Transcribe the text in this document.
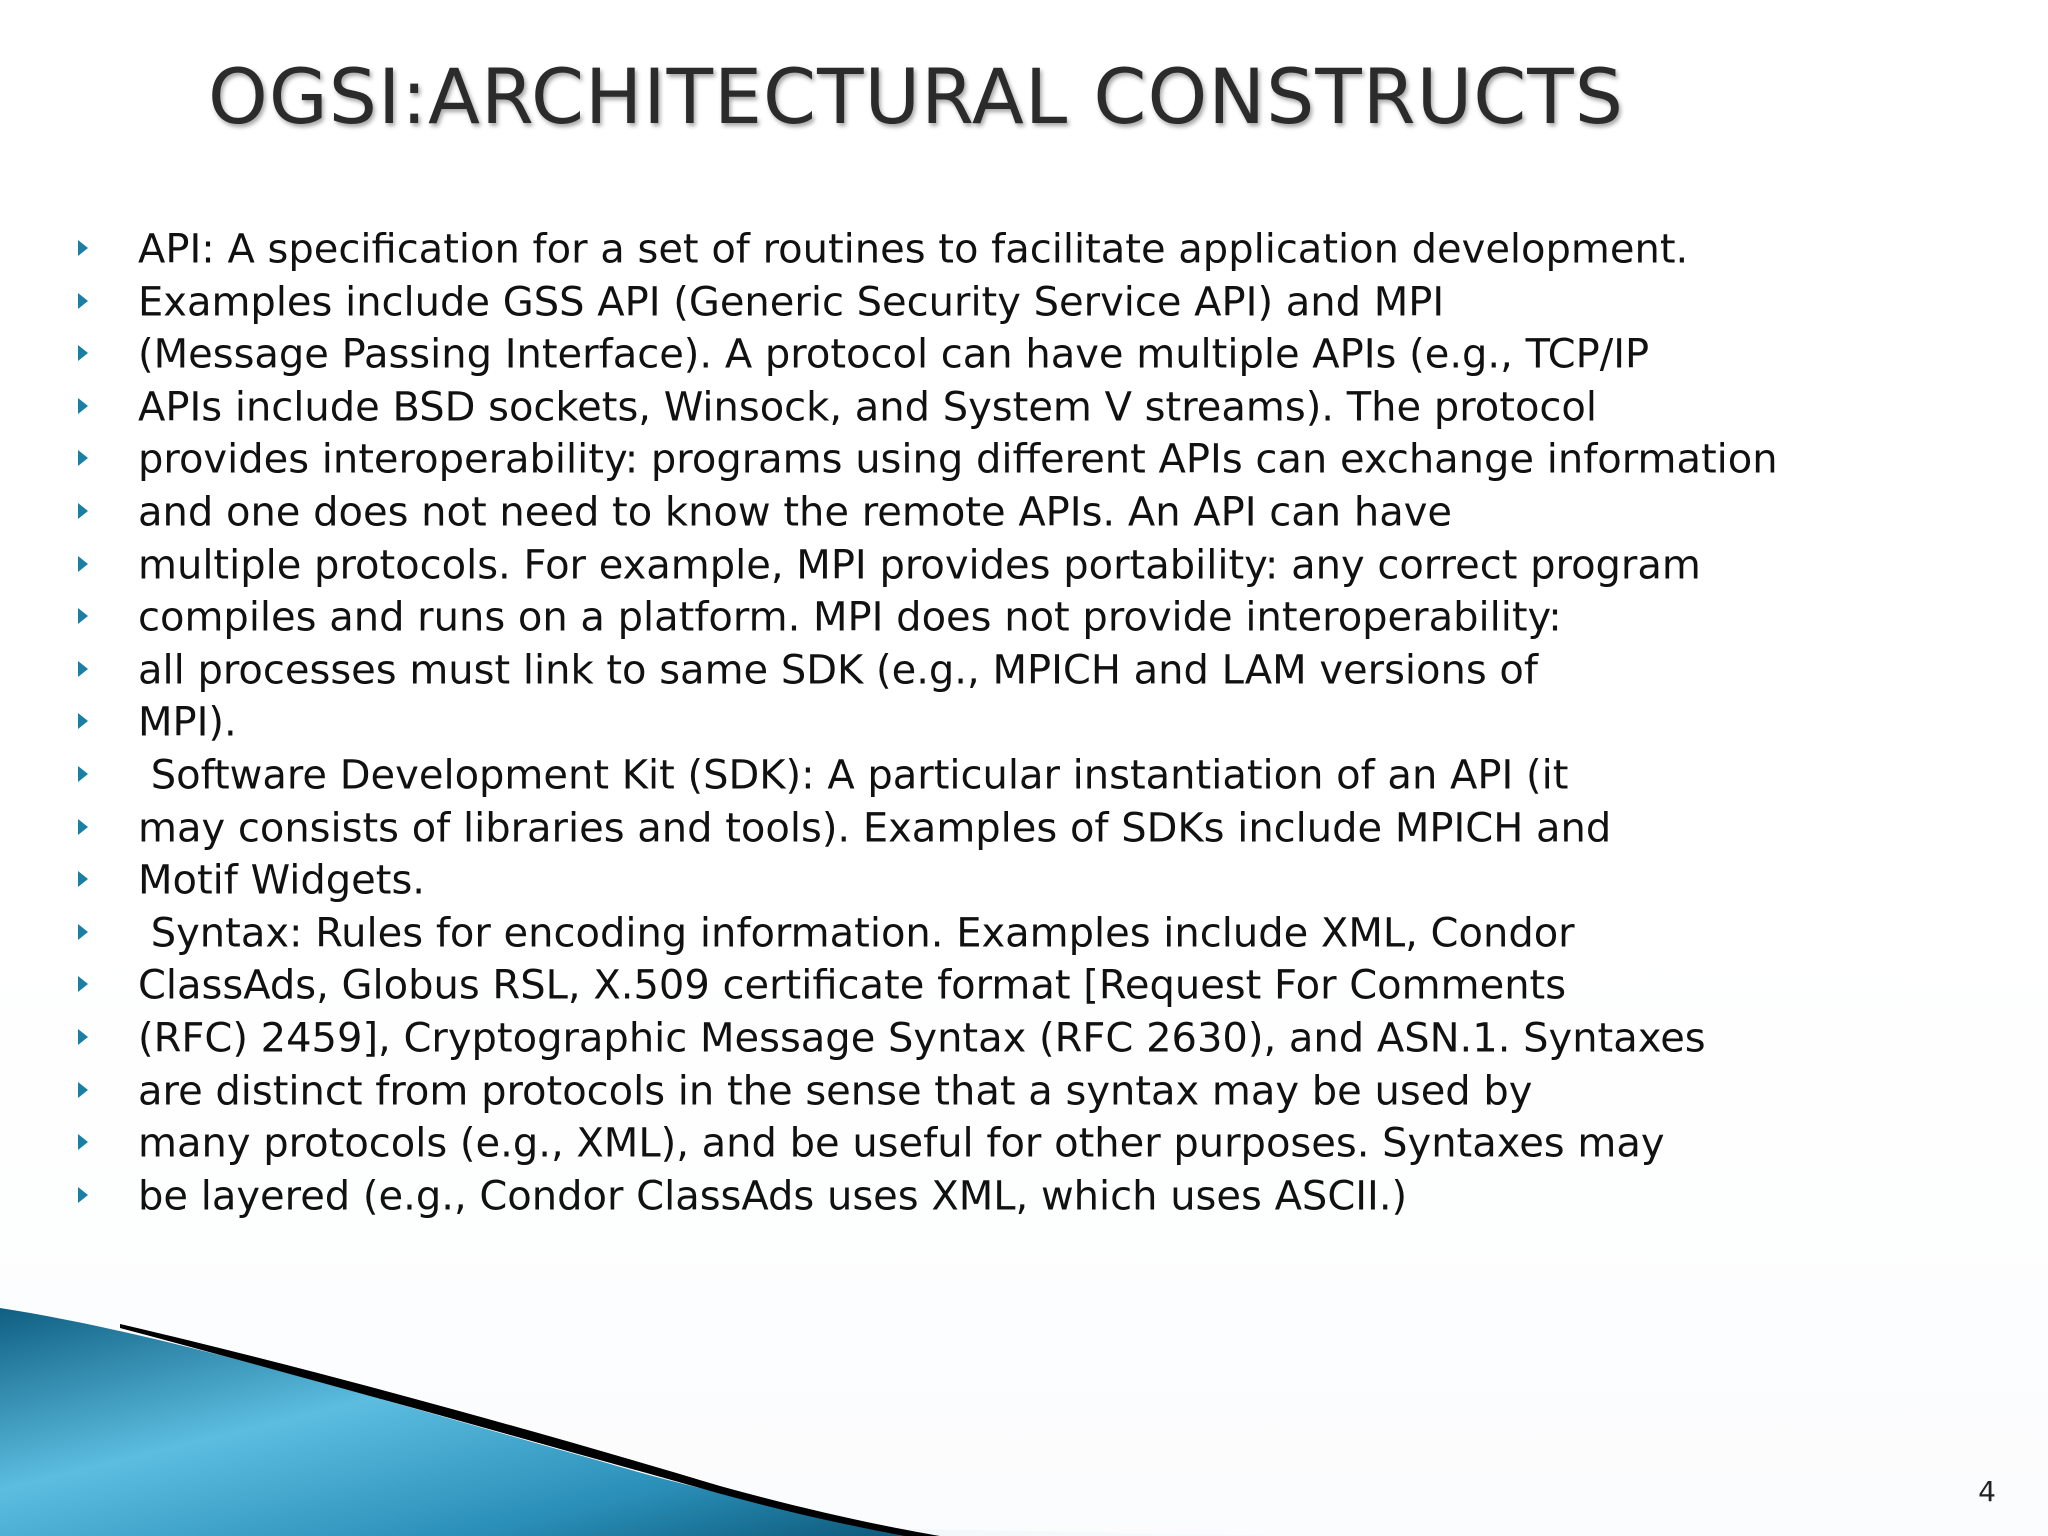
OGSI:ARCHITECTURAL CONSTRUCTS
API: A specification for a set of routines to facilitate application development.
Examples include GSS API (Generic Security Service API) and MPI
(Message Passing Interface). A protocol can have multiple APIs (e.g., TCP/IP
APIs include BSD sockets, Winsock, and System V streams). The protocol
provides interoperability: programs using different APIs can exchange information
and one does not need to know the remote APIs. An API can have
multiple protocols. For example, MPI provides portability: any correct program
compiles and runs on a platform. MPI does not provide interoperability:
all processes must link to same SDK (e.g., MPICH and LAM versions of
MPI).
Software Development Kit (SDK): A particular instantiation of an API (it
may consists of libraries and tools). Examples of SDKs include MPICH and
Motif Widgets.
Syntax: Rules for encoding information. Examples include XML, Condor
ClassAds, Globus RSL, X.509 certificate format [Request For Comments
(RFC) 2459], Cryptographic Message Syntax (RFC 2630), and ASN.1. Syntaxes
are distinct from protocols in the sense that a syntax may be used by
many protocols (e.g., XML), and be useful for other purposes. Syntaxes may
be layered (e.g., Condor ClassAds uses XML, which uses ASCII.)
4
